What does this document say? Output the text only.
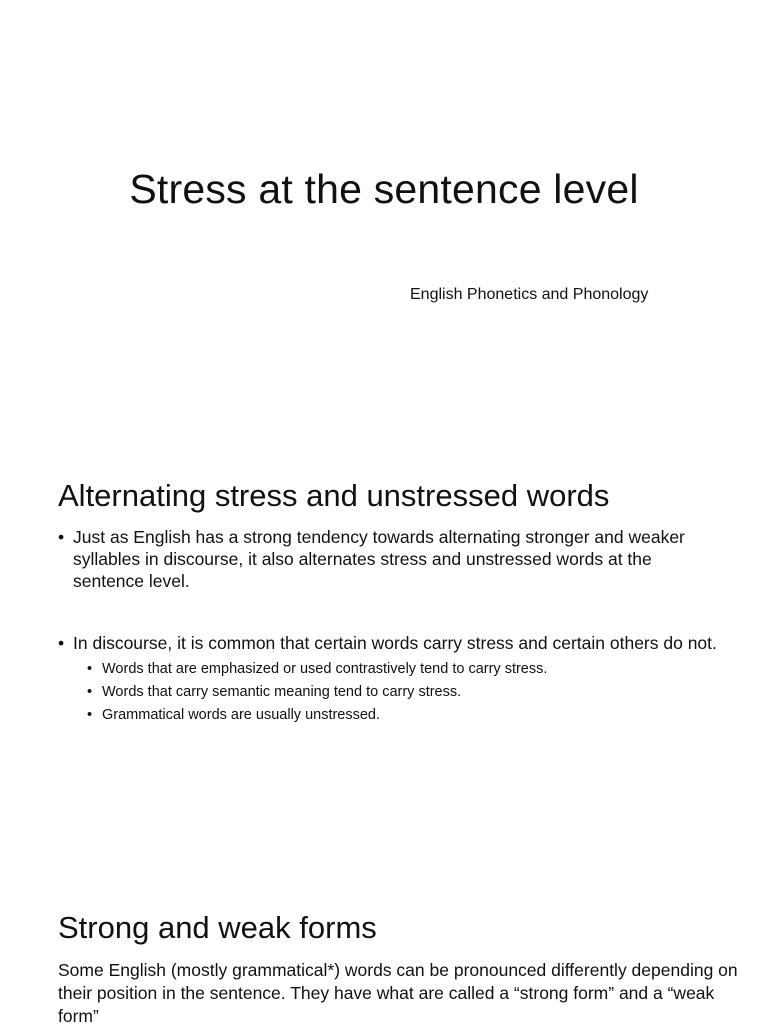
Stress at the sentence level

English Phonetics and Phonology

Alternating stress and unstressed words
• Just as English has a strong tendency towards alternating stronger and weaker syllables in discourse, it also alternates stress and unstressed words at the sentence level.
• In discourse, it is common that certain words carry stress and certain others do not.
• Words that are emphasized or used contrastively tend to carry stress.
• Words that carry semantic meaning tend to carry stress.
• Grammatical words are usually unstressed.
Strong and weak forms

Some English (mostly grammatical*) words can be pronounced differently depending on their position in the sentence. They have what are called a “strong form” and a “weak form”
